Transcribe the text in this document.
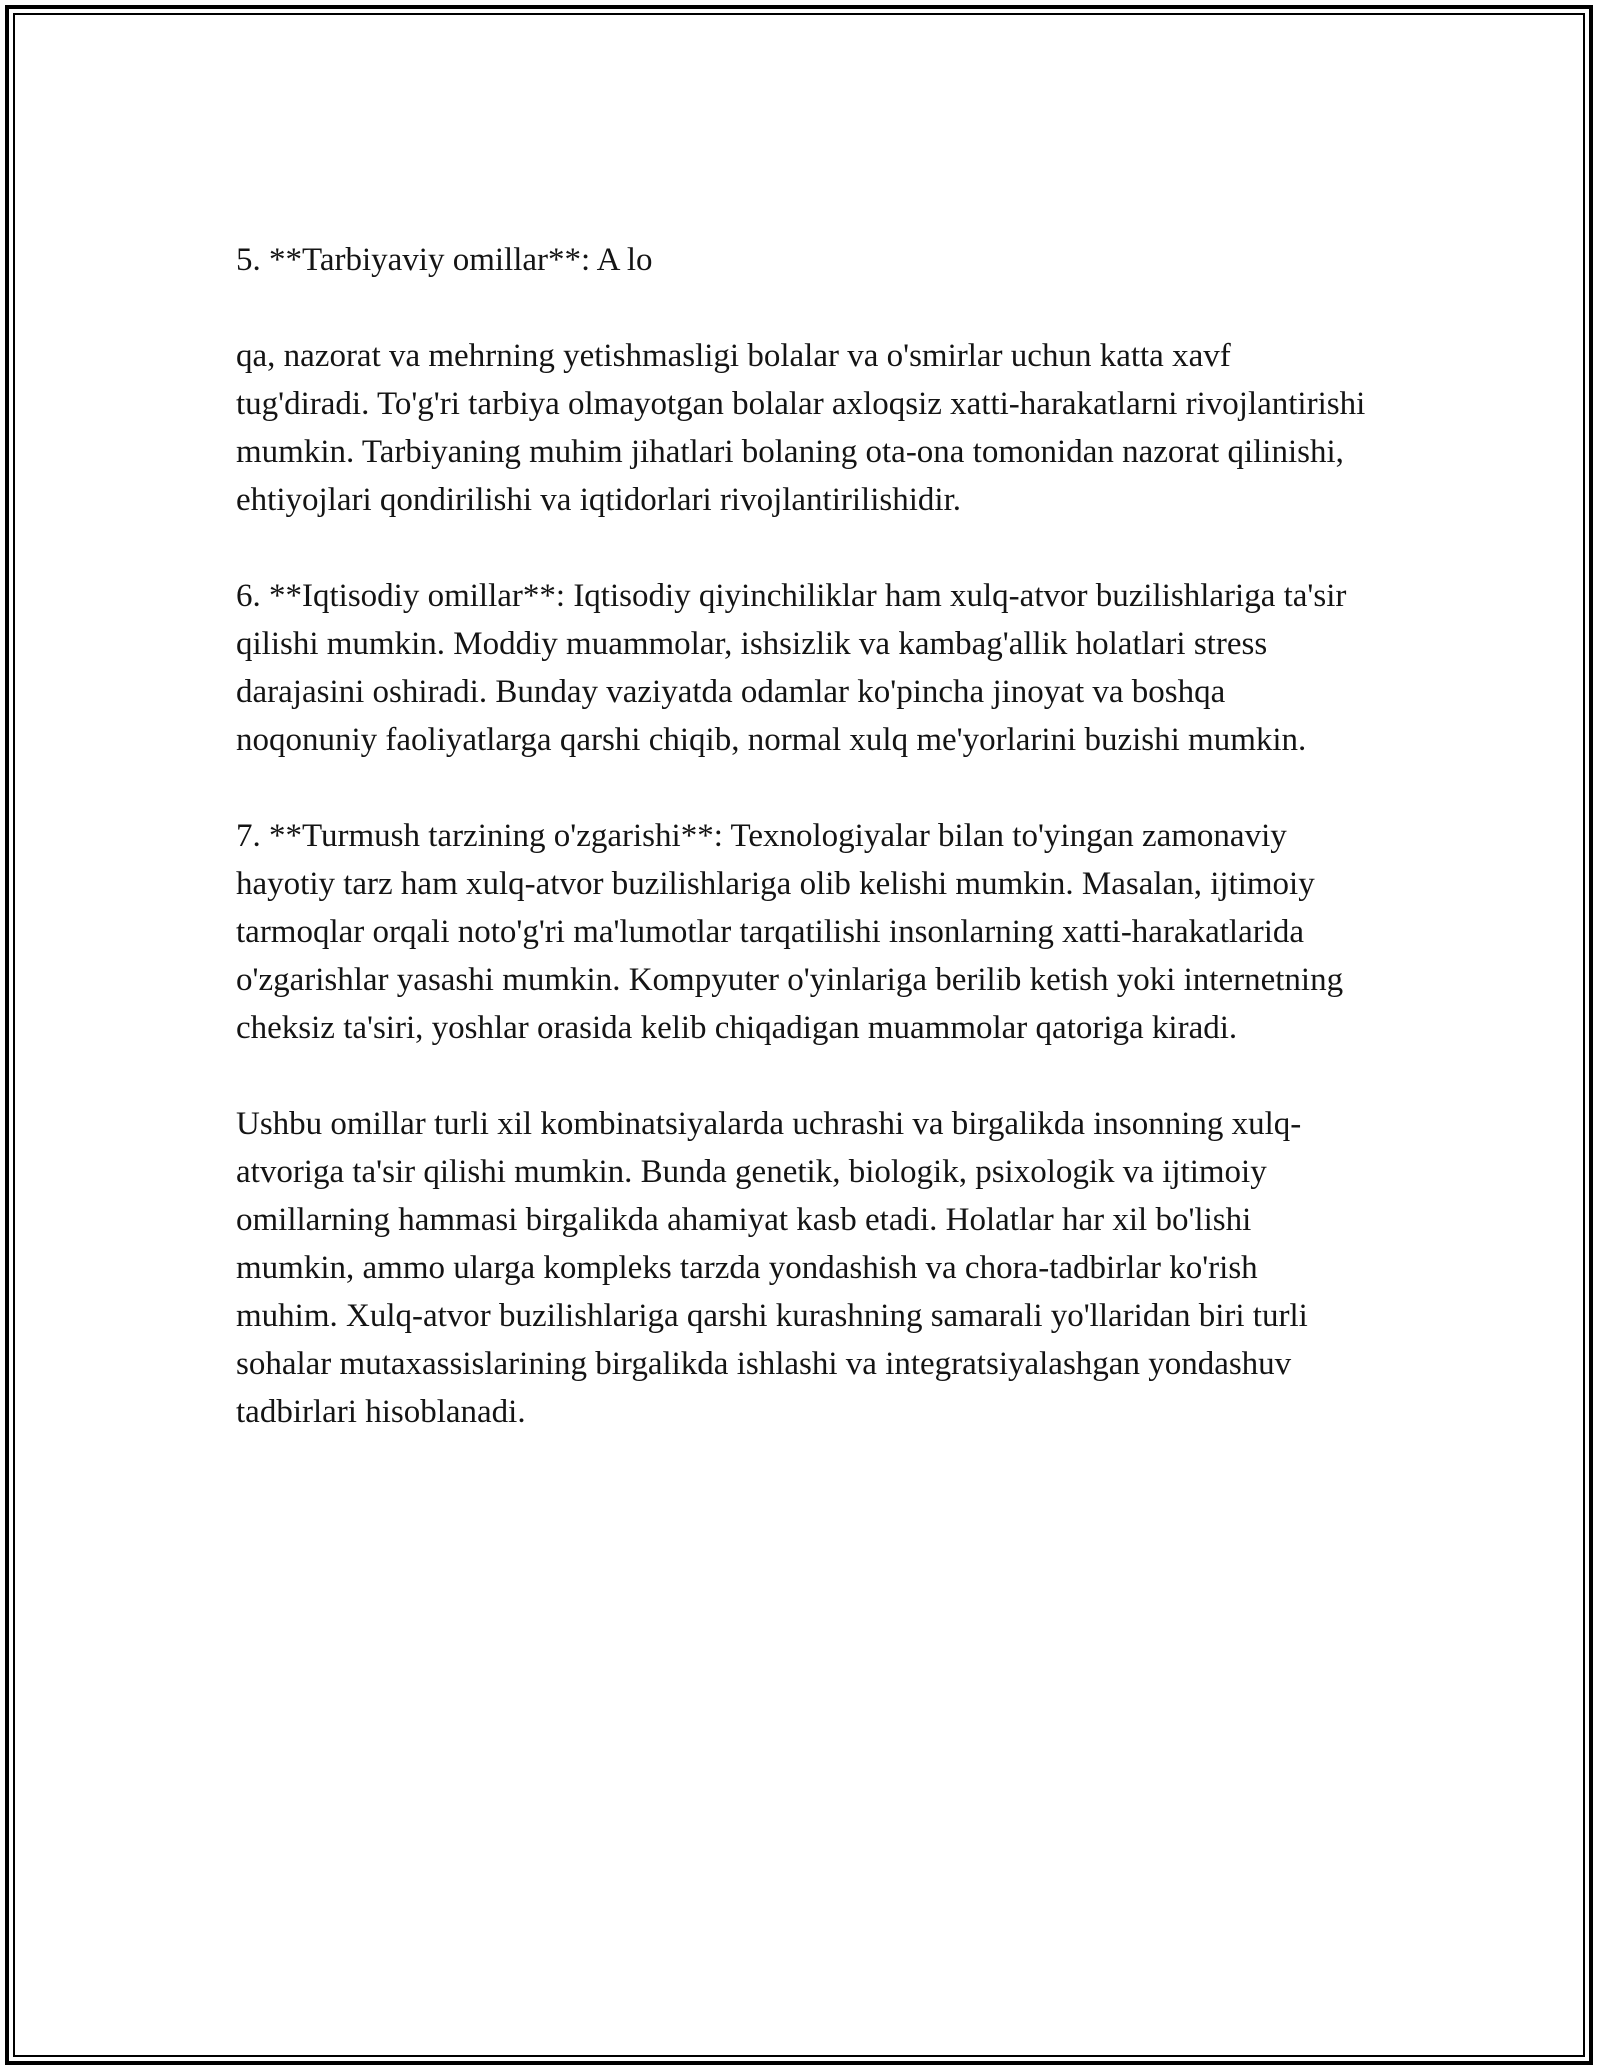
5. **Tarbiyaviy omillar**: A lo

qa, nazorat va mehrning yetishmasligi bolalar va o'smirlar uchun katta xavf tug'diradi. To'g'ri tarbiya olmayotgan bolalar axloqsiz xatti-harakatlarni rivojlantirishi mumkin. Tarbiyaning muhim jihatlari bolaning ota-ona tomonidan nazorat qilinishi, ehtiyojlari qondirilishi va iqtidorlari rivojlantirilishidir.

6. **Iqtisodiy omillar**: Iqtisodiy qiyinchiliklar ham xulq-atvor buzilishlariga ta'sir qilishi mumkin. Moddiy muammolar, ishsizlik va kambag'allik holatlari stress darajasini oshiradi. Bunday vaziyatda odamlar ko'pincha jinoyat va boshqa noqonuniy faoliyatlarga qarshi chiqib, normal xulq me'yorlarini buzishi mumkin.

7. **Turmush tarzining o'zgarishi**: Texnologiyalar bilan to'yingan zamonaviy hayotiy tarz ham xulq-atvor buzilishlariga olib kelishi mumkin. Masalan, ijtimoiy tarmoqlar orqali noto'g'ri ma'lumotlar tarqatilishi insonlarning xatti-harakatlarida o'zgarishlar yasashi mumkin. Kompyuter o'yinlariga berilib ketish yoki internetning cheksiz ta'siri, yoshlar orasida kelib chiqadigan muammolar qatoriga kiradi.

Ushbu omillar turli xil kombinatsiyalarda uchrashi va birgalikda insonning xulq-atvoriga ta'sir qilishi mumkin. Bunda genetik, biologik, psixologik va ijtimoiy omillarning hammasi birgalikda ahamiyat kasb etadi. Holatlar har xil bo'lishi mumkin, ammo ularga kompleks tarzda yondashish va chora-tadbirlar ko'rish muhim. Xulq-atvor buzilishlariga qarshi kurashning samarali yo'llaridan biri turli sohalar mutaxassislarining birgalikda ishlashi va integratsiyalashgan yondashuv tadbirlari hisoblanadi.
